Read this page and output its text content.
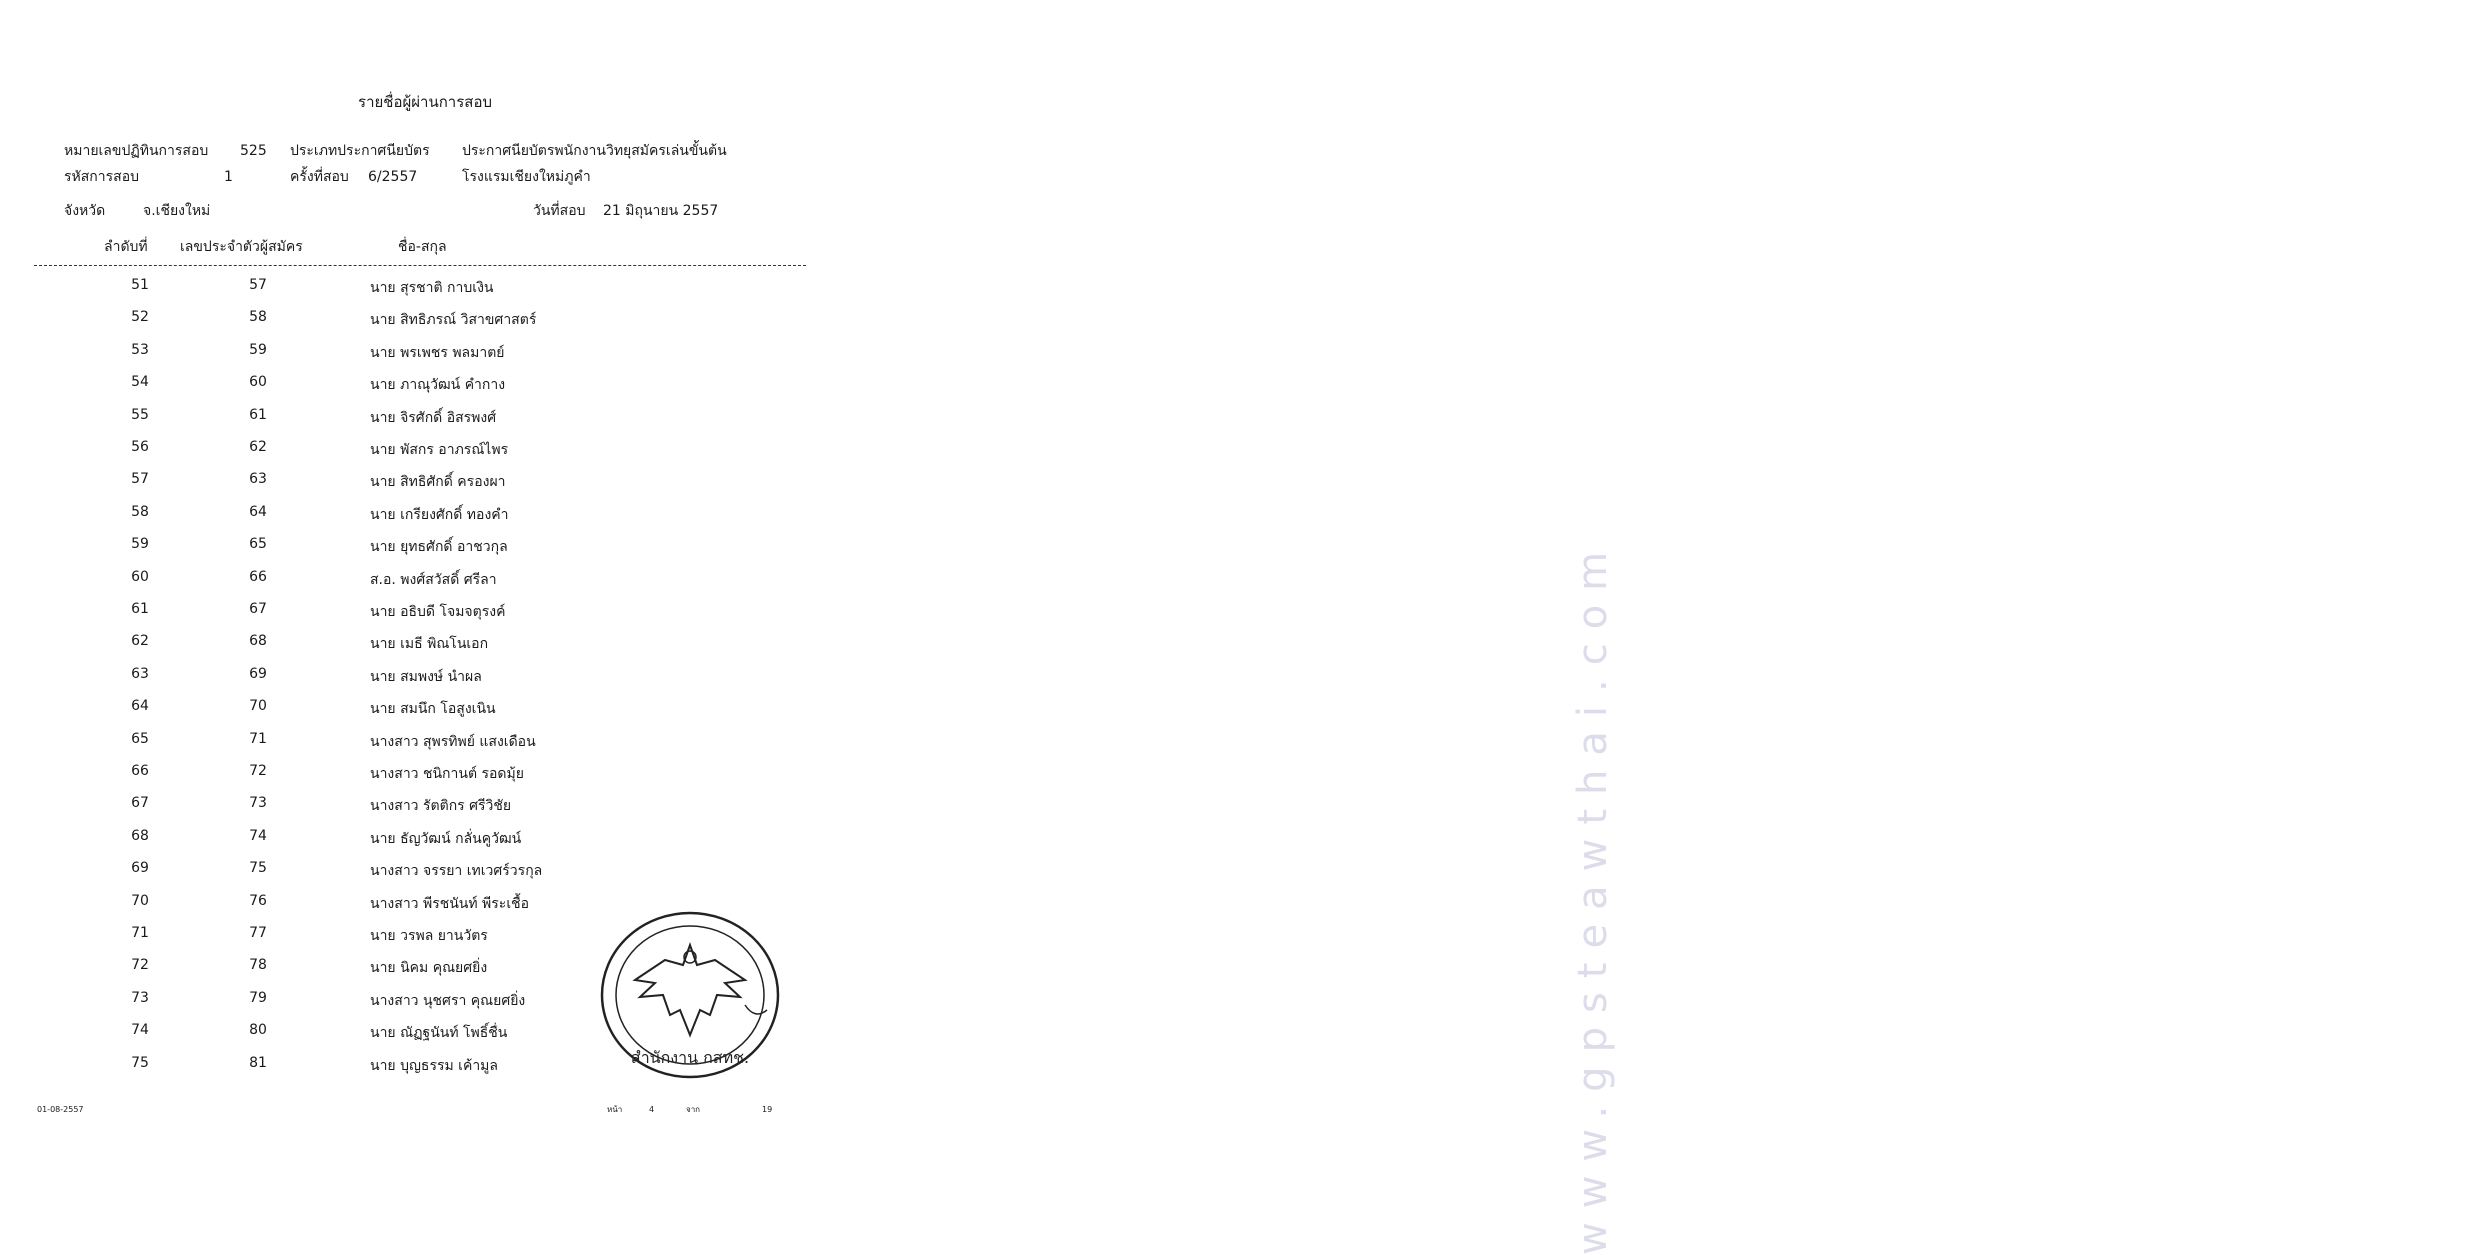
รายชื่อผู้ผ่านการสอบ
หมายเลขปฏิทินการสอบ 525 ประเภทประกาศนียบัตร ประกาศนียบัตรพนักงานวิทยุสมัครเล่นขั้นต้น
รหัสการสอบ	1	ครั้งที่สอบ 6/2557	โรงแรมเชียงใหม่ภูคำ
จังหวัด	จ.เชียงใหม่	วันที่สอบ 21 มิถุนายน 2557
ลำดับที่ เลขประจำตัวผู้สมัคร	ชื่อ-สกุล
51	57	นาย สุรชาติ กาบเงิน
52	58	นาย สิทธิภรณ์ วิสาขศาสตร์
53	59	นาย พรเพชร พลมาตย์
54	60	นาย ภาณุวัฒน์ คำกาง
55	61	นาย จิรศักดิ์ อิสรพงศ์
56	62	นาย พัสกร อาภรณ์ไพร
57	63	นาย สิทธิศักดิ์ ครองผา
58	64	นาย เกรียงศักดิ์ ทองคำ
59	65	นาย ยุทธศักดิ์ อาชวกุล
60	66	ส.อ. พงศ์สวัสดิ์ ศรีลา
61	67	นาย อธิบดี โจมจตุรงค์
62	68	นาย เมธี พิณโนเอก
63	69	นาย สมพงษ์ นำผล
64	70	นาย สมนึก โอสูงเนิน
65	71	นางสาว สุพรทิพย์ แสงเดือน
66	72	นางสาว ชนิกานต์ รอดมุ้ย
67	73	นางสาว รัตติกร ศรีวิชัย
68	74	นาย ธัญวัฒน์ กลั่นคูวัฒน์
69	75	นางสาว จรรยา เทเวศร์วรกุล
70	76	นางสาว พีรชนันท์ พีระเชื้อ
71	77	นาย วรพล ยานวัตร
72	78	นาย นิคม คุณยศยิ่ง
73	79	นางสาว นุชศรา คุณยศยิ่ง
74	80	นาย ณัฏฐนันท์ โพธิ์ชื่น
75	81	นาย บุญธรรม เค้ามูล	สำนักงาน กสทช.	www.gpsteawthai.com
01-08-2557	หน้า	4	จาก	19
